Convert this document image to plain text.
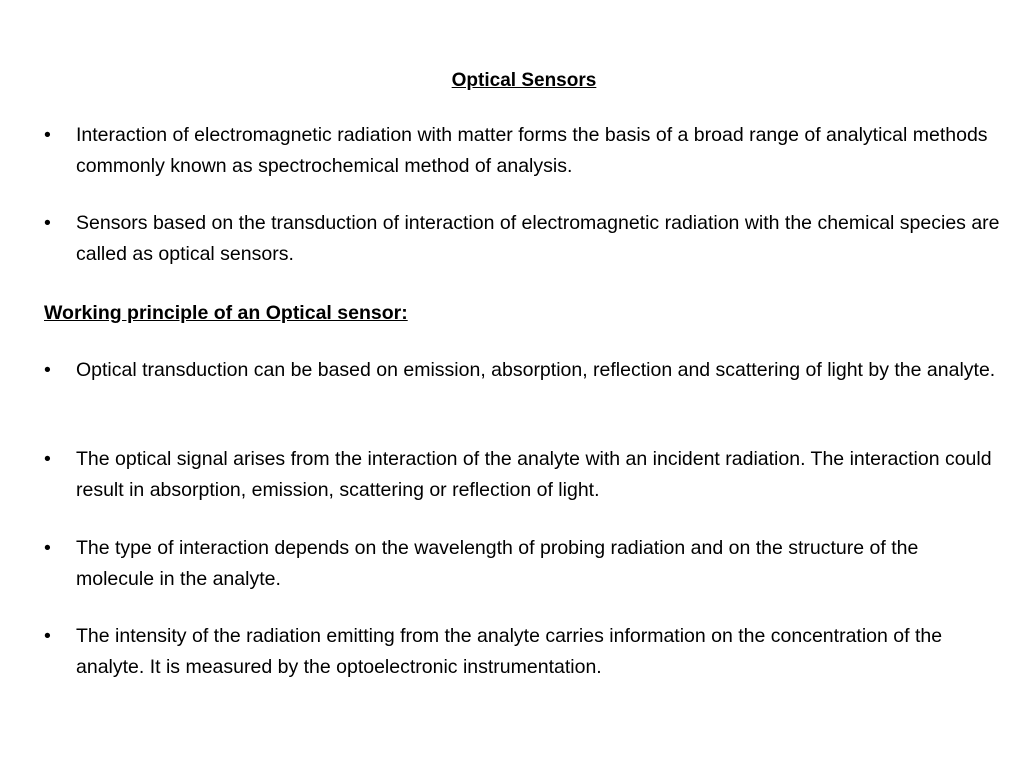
Optical Sensors
•	Interaction of electromagnetic radiation with matter forms the basis of a broad range of analytical methods commonly known as spectrochemical method of analysis.
•	Sensors based on the transduction of interaction of electromagnetic radiation with the chemical species are called as optical sensors.
Working principle of an Optical sensor:
•	Optical transduction can be based on emission, absorption, reflection and scattering of light by the analyte.
•	The optical signal arises from the interaction of the analyte with an incident radiation. The interaction could result in absorption, emission, scattering or reflection of light.
•	The type of interaction depends on the wavelength of probing radiation and on the structure of the molecule in the analyte.
•	The intensity of the radiation emitting from the analyte carries information on the concentration of the analyte. It is measured by the optoelectronic instrumentation.
